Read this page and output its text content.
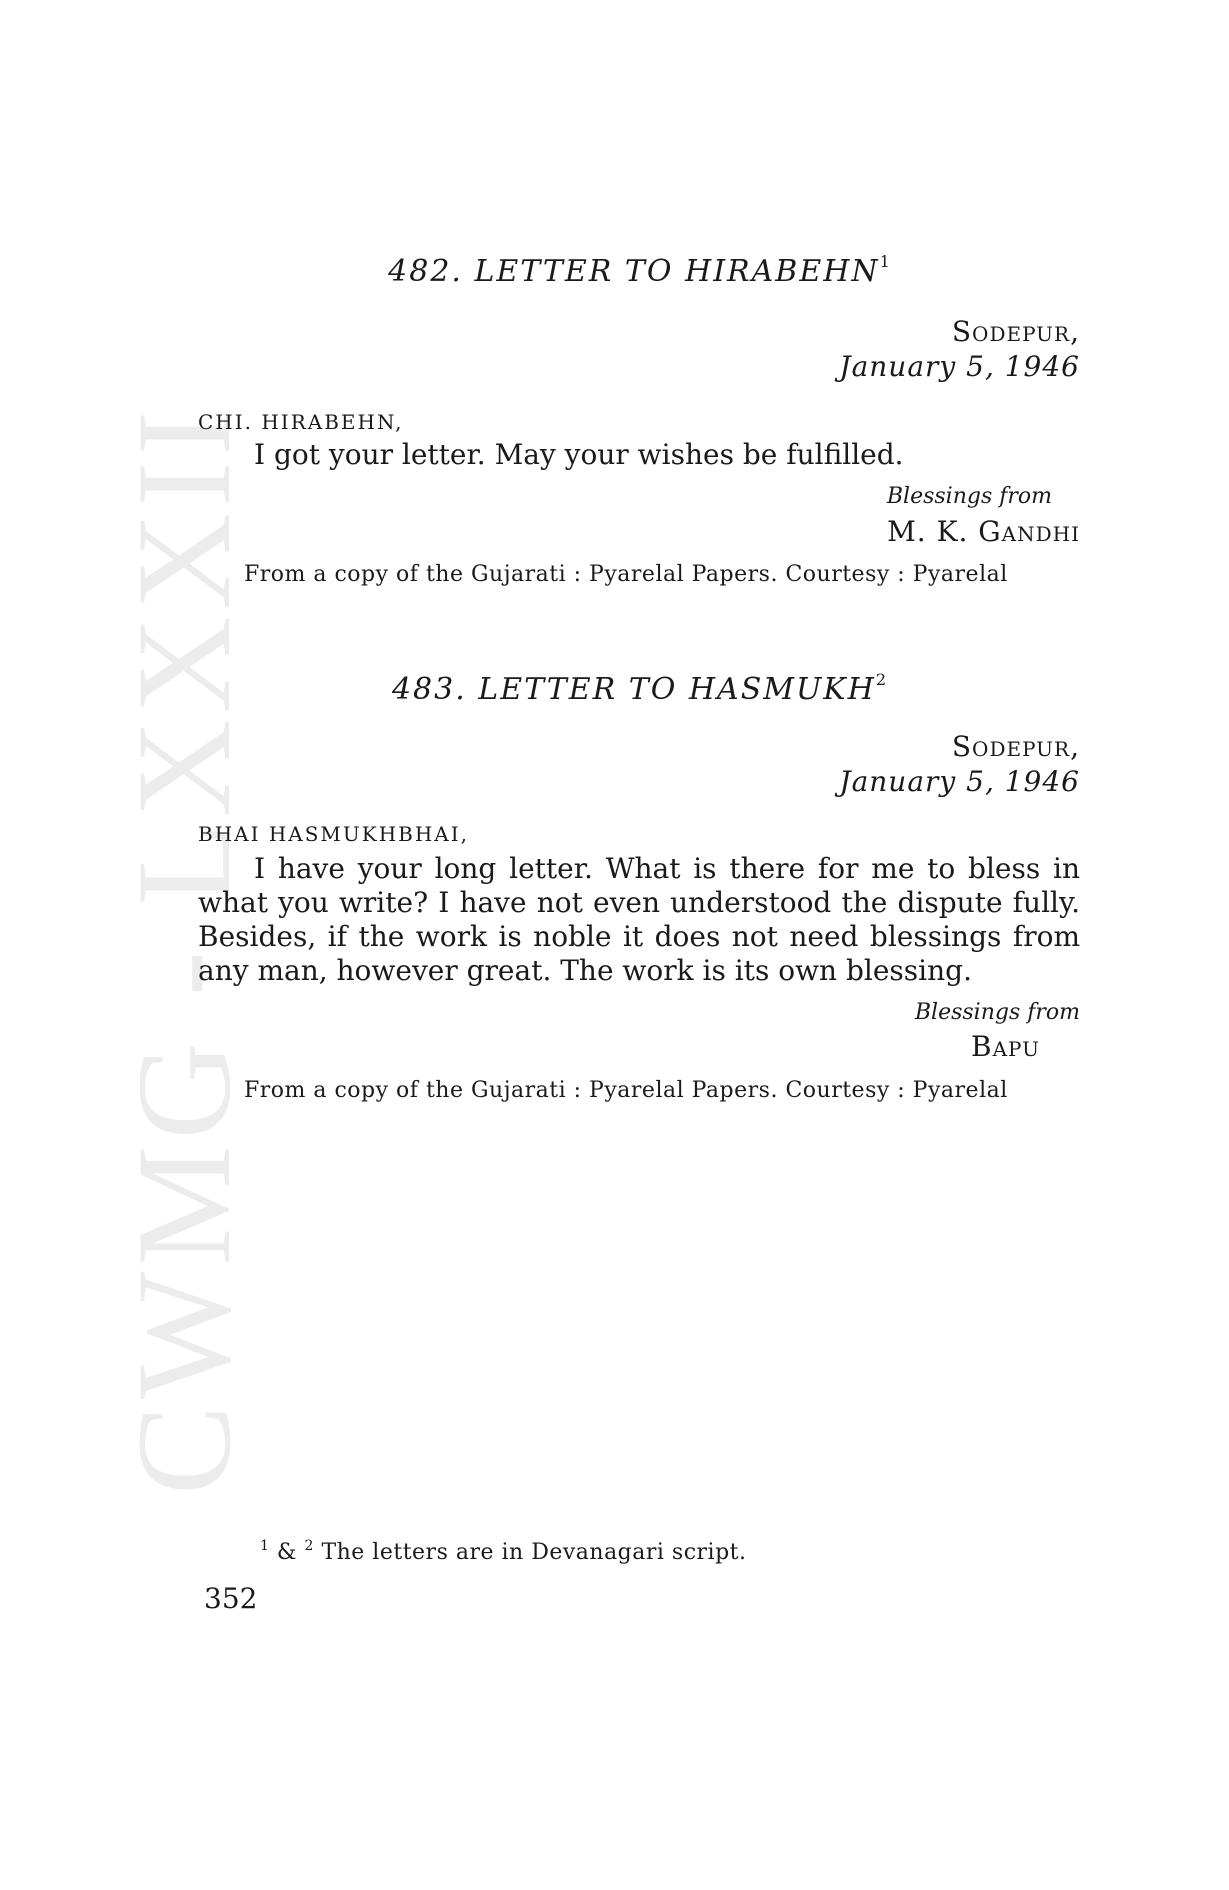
CWMG - LXXXII
482. LETTER TO HIRABEHN$^1$
Sodepur,
January 5, 1946
CHI. HIRABEHN,

I got your letter. May your wishes be fulfilled.

Blessings from
M. K. Gandhi
From a copy of the Gujarati : Pyarelal Papers. Courtesy : Pyarelal
483. LETTER TO HASMUKH$^2$
Sodepur,
January 5, 1946
BHAI HASMUKHBHAI,

I have your long letter. What is there for me to bless in what you write? I have not even understood the dispute fully. Besides, if the work is noble it does not need blessings from any man, however great. The work is its own blessing.

Blessings from
Bapu
From a copy of the Gujarati : Pyarelal Papers. Courtesy : Pyarelal
$^1$ & $^2$ The letters are in Devanagari script.
352
